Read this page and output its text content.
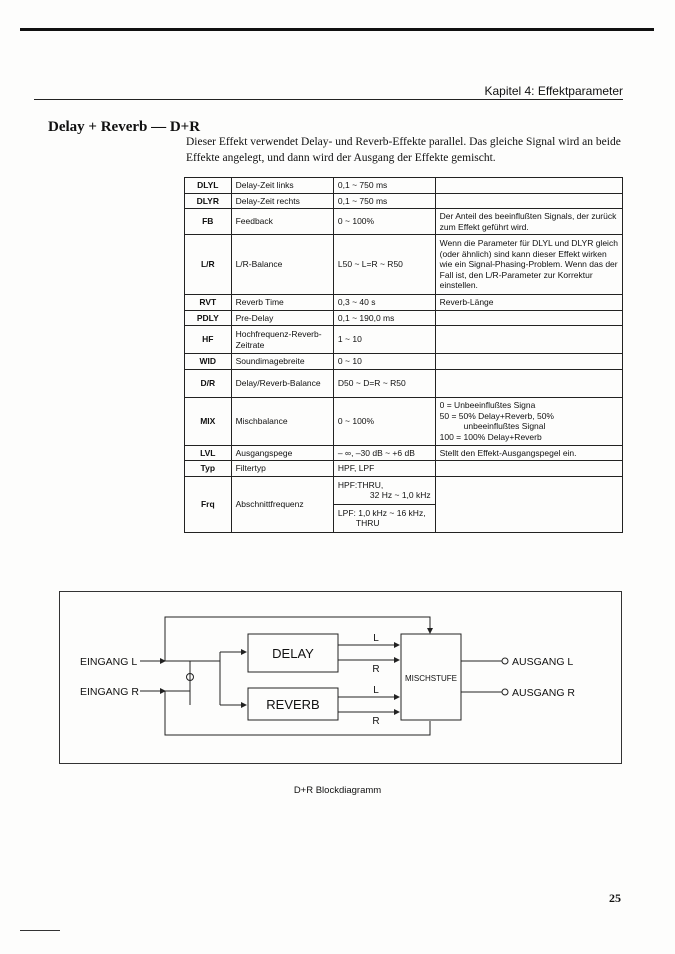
Kapitel 4: Effektparameter
Delay + Reverb — D+R
Dieser Effekt verwendet Delay- und Reverb-Effekte parallel. Das gleiche Signal wird an beide Effekte angelegt, und dann wird der Ausgang der Effekte gemischt.
DLYL	Delay-Zeit links	0,1 ~ 750 ms	
DLYR	Delay-Zeit rechts	0,1 ~ 750 ms	
FB	Feedback	0 ~ 100%	Der Anteil des beeinflußten Signals, der zurück zum Effekt geführt wird.
L/R	L/R-Balance	L50 ~ L=R ~ R50	Wenn die Parameter für DLYL und DLYR gleich (oder ähnlich) sind kann dieser Effekt wirken wie ein Signal-Phasing-Problem. Wenn das der Fall ist, den L/R-Parameter zur Korrektur einstellen.
RVT	Reverb Time	0,3 ~ 40 s	Reverb-Länge
PDLY	Pre-Delay	0,1 ~ 190,0 ms	
HF	Hochfrequenz-Reverb-Zeitrate	1 ~ 10	
WID	Soundimagebreite	0 ~ 10	
D/R	Delay/Reverb-Balance	D50 ~ D=R ~ R50	
MIX	Mischbalance	0 ~ 100%	0 = Unbeeinflußtes Signa
50 = 50% Delay+Reverb, 50%
unbeeinflußtes Signal
100 = 100% Delay+Reverb

LVL	Ausgangspege	– ∞, –30 dB ~ +6 dB	Stellt den Effekt-Ausgangspegel ein.
Typ	Filtertyp	HPF, LPF	
Frq	Abschnittfrequenz	HPF:THRU,
32 Hz ~ 1,0 kHz	

		LPF: 1,0 kHz ~ 16 kHz,
THRU	
EINGANG L
EINGANG R
DELAY
REVERB
MISCHSTUFE
AUSGANG L
AUSGANG R
L
R
L
R
D+R Blockdiagramm
25
